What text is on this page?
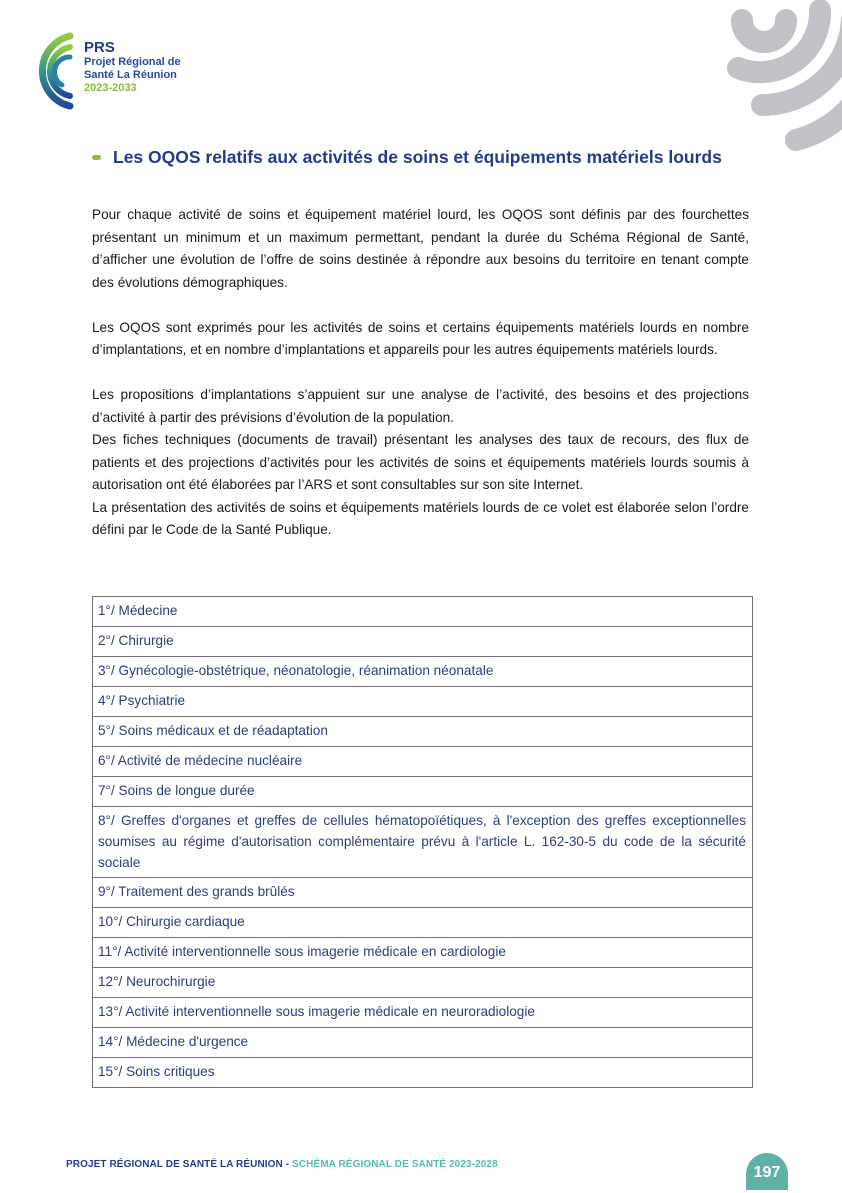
PRS
Projet Régional de
Santé La Réunion
2023-2033
Les OQOS relatifs aux activités de soins et équipements matériels lourds

Pour chaque activité de soins et équipement matériel lourd, les OQOS sont définis par des fourchettes présentant un minimum et un maximum permettant, pendant la durée du Schéma Régional de Santé, d’afficher une évolution de l’offre de soins destinée à répondre aux besoins du territoire en tenant compte des évolutions démographiques.

Les OQOS sont exprimés pour les activités de soins et certains équipements matériels lourds en nombre d’implantations, et en nombre d’implantations et appareils pour les autres équipements matériels lourds.

Les propositions d’implantations s’appuient sur une analyse de l’activité, des besoins et des projections d’activité à partir des prévisions d’évolution de la population.

Des fiches techniques (documents de travail) présentant les analyses des taux de recours, des flux de patients et des projections d’activités pour les activités de soins et équipements matériels lourds soumis à autorisation ont été élaborées par l’ARS et sont consultables sur son site Internet.

La présentation des activités de soins et équipements matériels lourds de ce volet est élaborée selon l’ordre défini par le Code de la Santé Publique.

1°/ Médecine
2°/ Chirurgie
3°/ Gynécologie-obstétrique, néonatologie, réanimation néonatale
4°/ Psychiatrie
5°/ Soins médicaux et de réadaptation
6°/ Activité de médecine nucléaire
7°/ Soins de longue durée
8°/ Greffes d'organes et greffes de cellules hématopoïétiques, à l'exception des greffes exceptionnelles soumises au régime d'autorisation complémentaire prévu à l'article L. 162-30-5 du code de la sécurité sociale
9°/ Traitement des grands brûlés
10°/ Chirurgie cardiaque
11°/ Activité interventionnelle sous imagerie médicale en cardiologie
12°/ Neurochirurgie
13°/ Activité interventionnelle sous imagerie médicale en neuroradiologie
14°/ Médecine d'urgence
15°/ Soins critiques
PROJET RÉGIONAL DE SANTÉ LA RÉUNION - SCHÉMA RÉGIONAL DE SANTÉ 2023-2028	197
